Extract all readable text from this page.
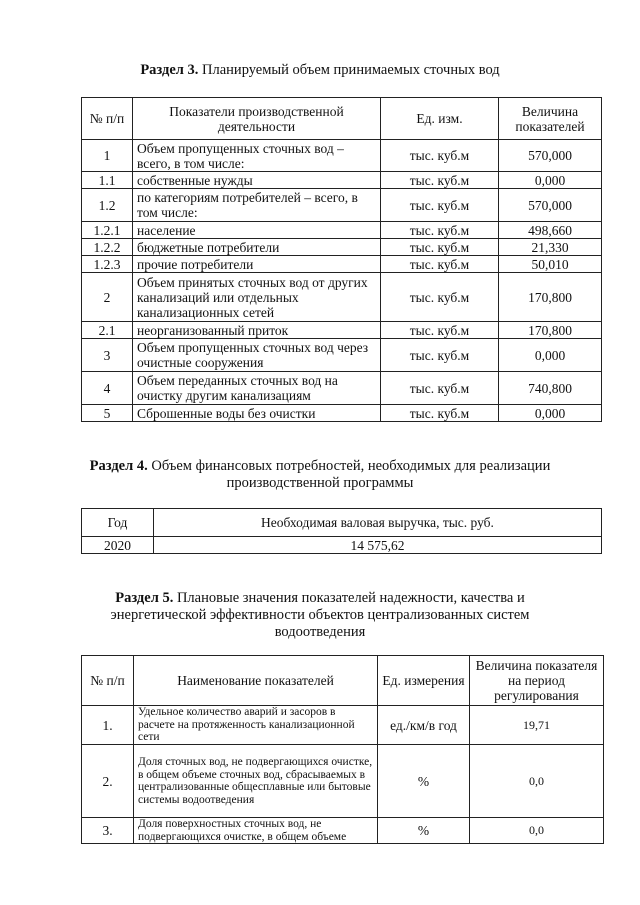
Раздел 3. Планируемый объем принимаемых сточных вод
№ п/п	Показатели производственной деятельности	Ед. изм.	Величина показателей
1	Объем пропущенных сточных вод – всего, в том числе:	тыс. куб.м	570,000
1.1	собственные нужды	тыс. куб.м	0,000
1.2	по категориям потребителей – всего, в том числе:	тыс. куб.м	570,000
1.2.1	население	тыс. куб.м	498,660
1.2.2	бюджетные потребители	тыс. куб.м	21,330
1.2.3	прочие потребители	тыс. куб.м	50,010
2	Объем принятых сточных вод от других канализаций или отдельных канализационных сетей	тыс. куб.м	170,800
2.1	неорганизованный приток	тыс. куб.м	170,800
3	Объем пропущенных сточных вод через очистные сооружения	тыс. куб.м	0,000
4	Объем переданных сточных вод на очистку другим канализациям	тыс. куб.м	740,800
5	Сброшенные воды без очистки	тыс. куб.м	0,000
Раздел 4. Объем финансовых потребностей, необходимых для реализации
производственной программы
Год	Необходимая валовая выручка, тыс. руб.
2020	14 575,62
Раздел 5. Плановые значения показателей надежности, качества и
энергетической эффективности объектов централизованных систем
водоотведения
№ п/п	Наименование показателей	Ед. измерения	Величина показателя на период регулирования
1.	Удельное количество аварий и засоров в расчете на протяженность канализационной сети	ед./км/в год	19,71
2.	Доля сточных вод, не подвергающихся очистке, в общем объеме сточных вод, сбрасываемых в централизованные общесплавные или бытовые системы водоотведения	%	0,0
3.	Доля поверхностных сточных вод, не подвергающихся очистке, в общем объеме	%	0,0
